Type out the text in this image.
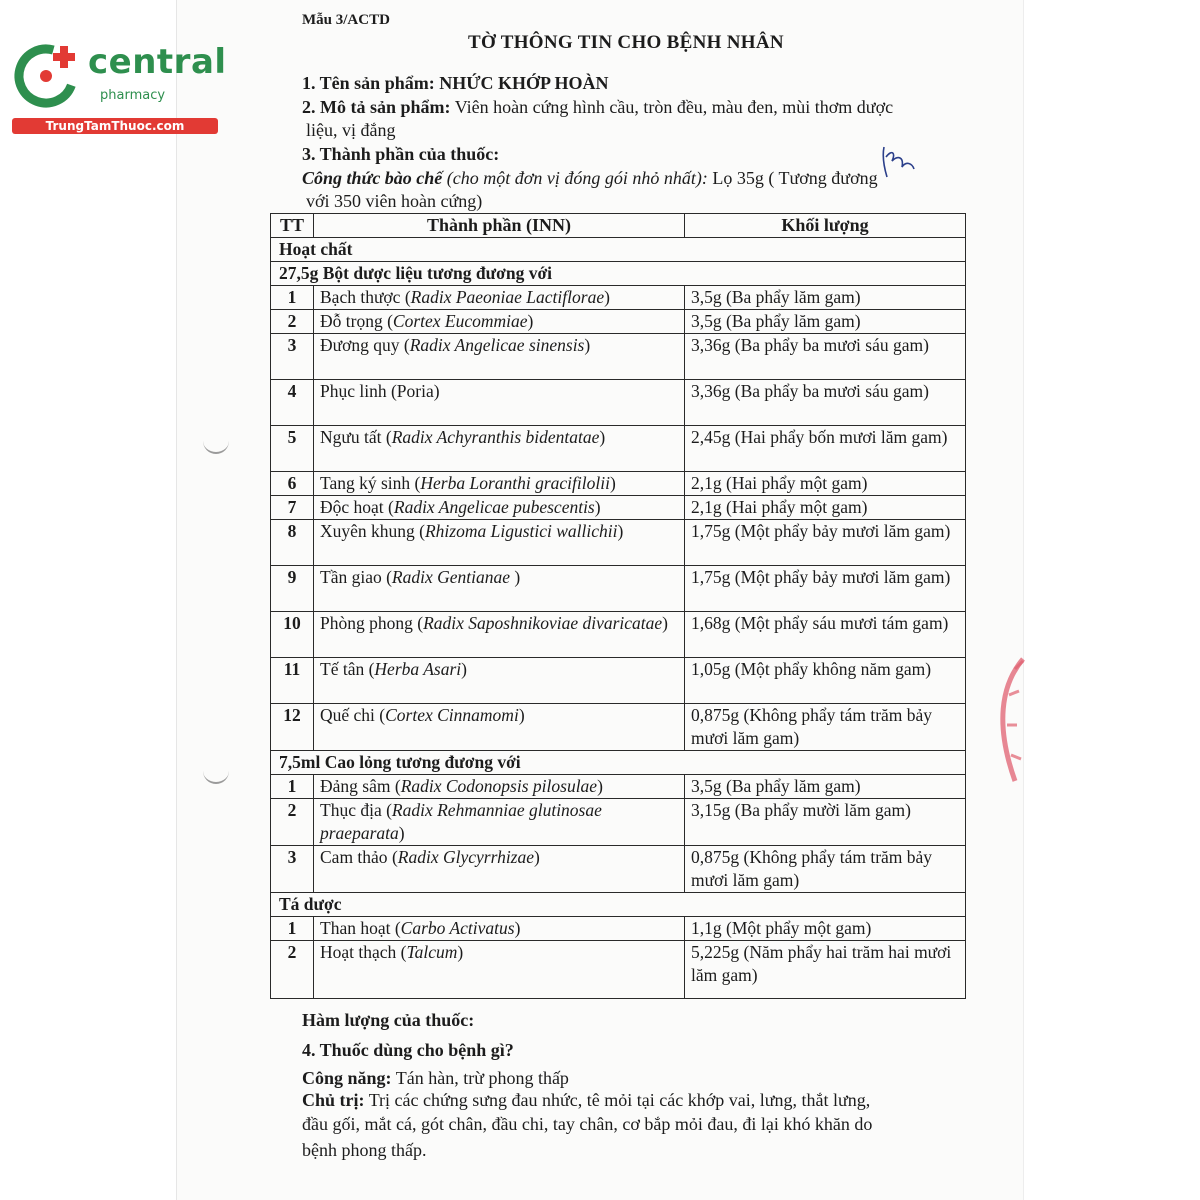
central
pharmacy
TrungTamThuoc.com
Mẫu 3/ACTD
TỜ THÔNG TIN CHO BỆNH NHÂN
1. Tên sản phẩm: NHỨC KHỚP HOÀN
2. Mô tả sản phẩm: Viên hoàn cứng hình cầu, tròn đều, màu đen, mùi thơm dược
liệu, vị đắng
3. Thành phần của thuốc:
Công thức bào chế (cho một đơn vị đóng gói nhỏ nhất): Lọ 35g ( Tương đương
với 350 viên hoàn cứng)
TT	Thành phần (INN)	Khối lượng
Hoạt chất		
27,5g Bột dược liệu tương đương với		
1	Bạch thược (Radix Paeoniae Lactiflorae)	3,5g (Ba phẩy lăm gam)
2	Đỗ trọng (Cortex Eucommiae)	3,5g (Ba phẩy lăm gam)
3	Đương quy (Radix Angelicae sinensis)	3,36g (Ba phẩy ba mươi sáu gam)
4	Phục linh (Poria)	3,36g (Ba phẩy ba mươi sáu gam)
5	Ngưu tất (Radix Achyranthis bidentatae)	2,45g (Hai phẩy bốn mươi lăm gam)
6	Tang ký sinh (Herba Loranthi gracifilolii)	2,1g (Hai phẩy một gam)
7	Độc hoạt (Radix Angelicae pubescentis)	2,1g (Hai phẩy một gam)
8	Xuyên khung (Rhizoma Ligustici wallichii)	1,75g (Một phẩy bảy mươi lăm gam)
9	Tần giao (Radix Gentianae )	1,75g (Một phẩy bảy mươi lăm gam)
10	Phòng phong (Radix Saposhnikoviae divaricatae)	1,68g (Một phẩy sáu mươi tám gam)
11	Tế tân (Herba Asari)	1,05g (Một phẩy không năm gam)
12	Quế chi (Cortex Cinnamomi)	0,875g (Không phẩy tám trăm bảy mươi lăm gam)
7,5ml Cao lỏng tương đương với		
1	Đảng sâm (Radix Codonopsis pilosulae)	3,5g (Ba phẩy lăm gam)
2	Thục địa (Radix Rehmanniae glutinosae praeparata)	3,15g (Ba phẩy mười lăm gam)
3	Cam thảo (Radix Glycyrrhizae)	0,875g (Không phẩy tám trăm bảy mươi lăm gam)
Tá dược		
1	Than hoạt (Carbo Activatus)	1,1g (Một phẩy một gam)
2	Hoạt thạch (Talcum)	5,225g (Năm phẩy hai trăm hai mươi lăm gam)
Hàm lượng của thuốc:
4. Thuốc dùng cho bệnh gì?
Công năng: Tán hàn, trừ phong thấp
Chủ trị: Trị các chứng sưng đau nhức, tê mỏi tại các khớp vai, lưng, thắt lưng,
đầu gối, mắt cá, gót chân, đầu chi, tay chân, cơ bắp mỏi đau, đi lại khó khăn do
bệnh phong thấp.
